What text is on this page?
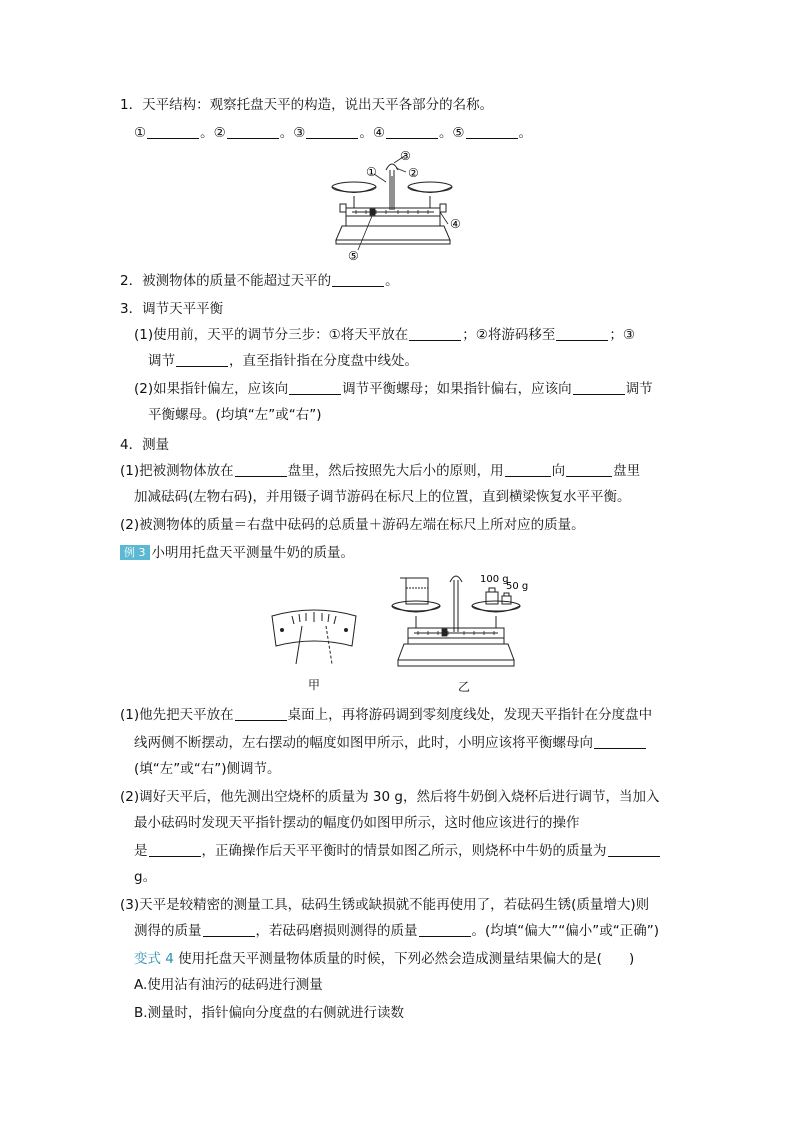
1．天平结构：观察托盘天平的构造，说出天平各部分的名称。
①	。②	。③	。④	。⑤	。
①
③
②
④
⑤
2．被测物体的质量不能超过天平的	。
3．调节天平平衡
(1)使用前，天平的调节分三步：①将天平放在	；②将游码移至	；③
调节	，直至指针指在分度盘中线处。
(2)如果指针偏左，应该向	调节平衡螺母；如果指针偏右，应该向	调节
平衡螺母。(均填“左”或“右”)
4．测量
(1)把被测物体放在	盘里，然后按照先大后小的原则，用	向	盘里
加减砝码(左物右码)，并用镊子调节游码在标尺上的位置，直到横梁恢复水平平衡。
(2)被测物体的质量＝右盘中砝码的总质量＋游码左端在标尺上所对应的质量。
例 3 小明用托盘天平测量牛奶的质量。
甲
100 g
50 g
乙
(1)他先把天平放在	桌面上，再将游码调到零刻度线处，发现天平指针在分度盘中
线两侧不断摆动，左右摆动的幅度如图甲所示，此时，小明应该将平衡螺母向
(填“左”或“右”)侧调节。
(2)调好天平后，他先测出空烧杯的质量为 30 g，然后将牛奶倒入烧杯后进行调节，当加入
最小砝码时发现天平指针摆动的幅度仍如图甲所示，这时他应该进行的操作
是	，正确操作后天平平衡时的情景如图乙所示，则烧杯中牛奶的质量为
g。
(3)天平是较精密的测量工具，砝码生锈或缺损就不能再使用了，若砝码生锈(质量增大)则
测得的质量	，若砝码磨损则测得的质量	。(均填“偏大”“偏小”或“正确”)
变式 4 使用托盘天平测量物体质量的时候，下列必然会造成测量结果偏大的是(　　)
A.使用沾有油污的砝码进行测量
B.测量时，指针偏向分度盘的右侧就进行读数
